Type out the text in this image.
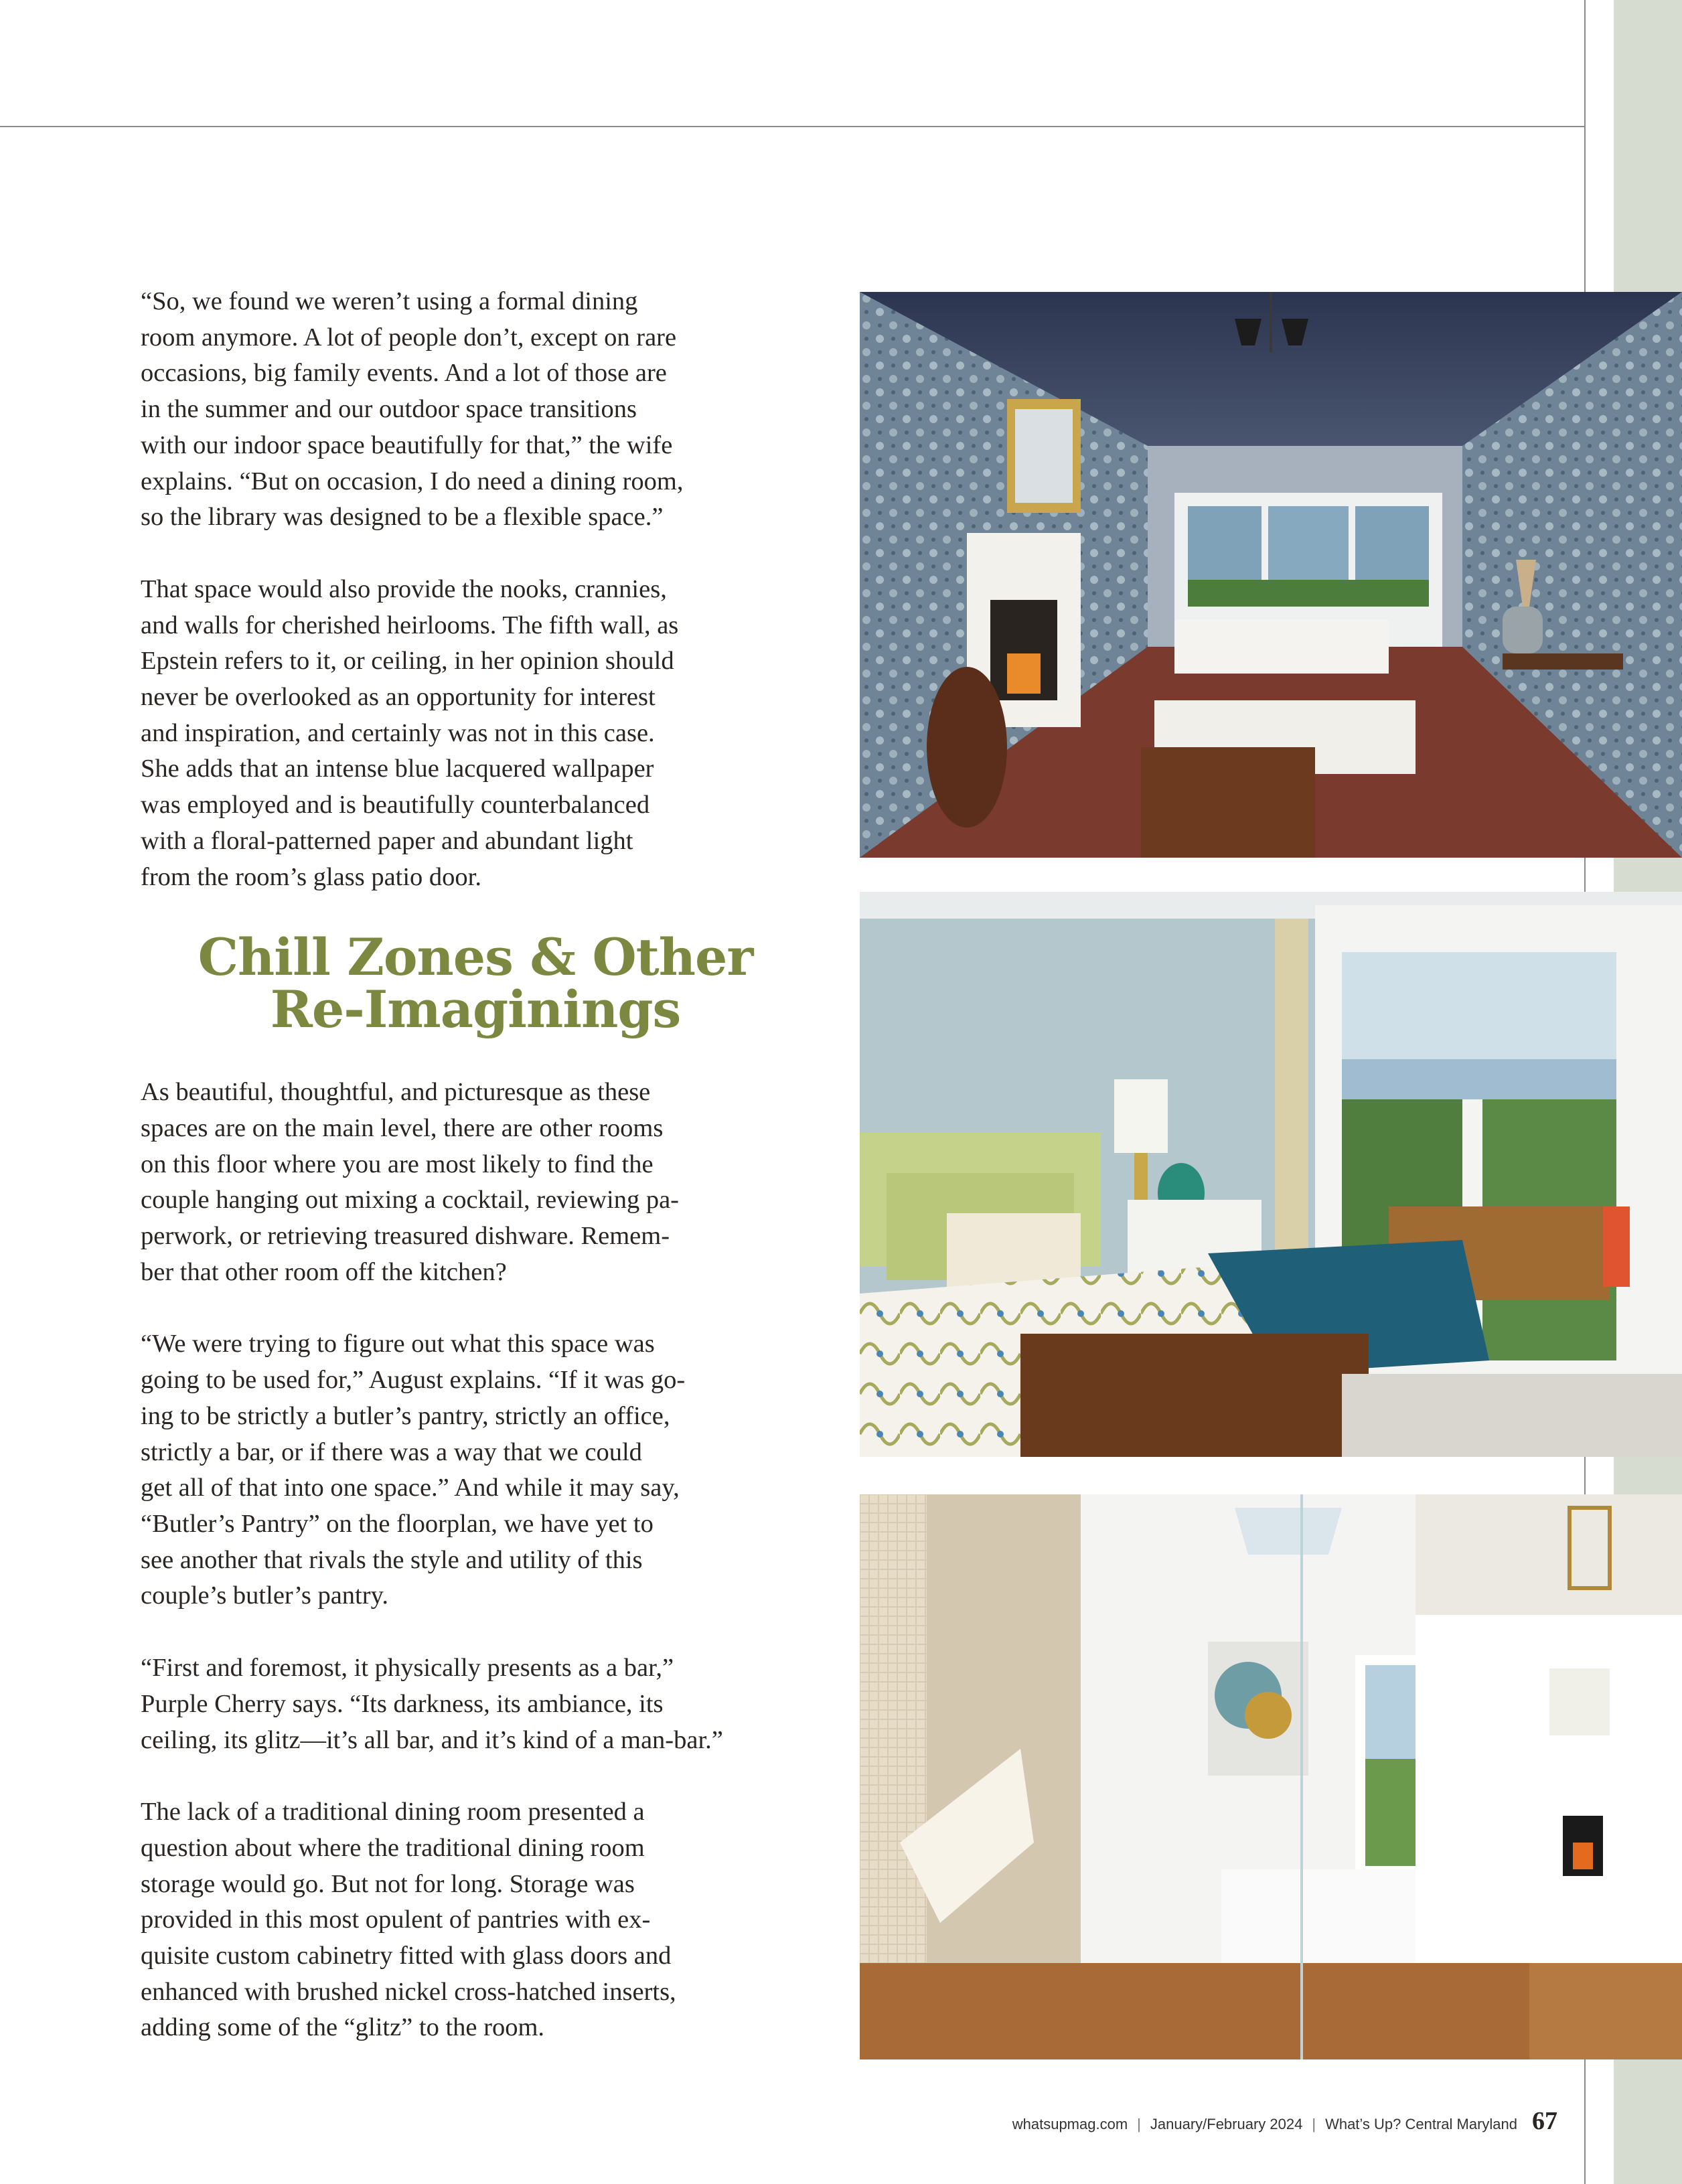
“So, we found we weren’t using a formal dining
room anymore. A lot of people don’t, except on rare
occasions, big family events. And a lot of those are
in the summer and our outdoor space transitions
with our indoor space beautifully for that,” the wife
explains. “But on occasion, I do need a dining room,
so the library was designed to be a flexible space.”

That space would also provide the nooks, crannies,
and walls for cherished heirlooms. The fifth wall, as
Epstein refers to it, or ceiling, in her opinion should
never be overlooked as an opportunity for interest
and inspiration, and certainly was not in this case.
She adds that an intense blue lacquered wallpaper
was employed and is beautifully counterbalanced
with a floral-patterned paper and abundant light
from the room’s glass patio door.

Chill Zones & Other
Re-Imaginings

As beautiful, thoughtful, and picturesque as these
spaces are on the main level, there are other rooms
on this floor where you are most likely to find the
couple hanging out mixing a cocktail, reviewing pa-
perwork, or retrieving treasured dishware. Remem-
ber that other room off the kitchen?

“We were trying to figure out what this space was
going to be used for,” August explains. “If it was go-
ing to be strictly a butler’s pantry, strictly an office,
strictly a bar, or if there was a way that we could
get all of that into one space.” And while it may say,
“Butler’s Pantry” on the floorplan, we have yet to
see another that rivals the style and utility of this
couple’s butler’s pantry.

“First and foremost, it physically presents as a bar,”
Purple Cherry says. “Its darkness, its ambiance, its
ceiling, its glitz—it’s all bar, and it’s kind of a man-bar.”

The lack of a traditional dining room presented a
question about where the traditional dining room
storage would go. But not for long. Storage was
provided in this most opulent of pantries with ex-
quisite custom cabinetry fitted with glass doors and
enhanced with brushed nickel cross-hatched inserts,
adding some of the “glitz” to the room.

whatsupmag.com | January/February 2024 | What’s Up? Central Maryland 67
